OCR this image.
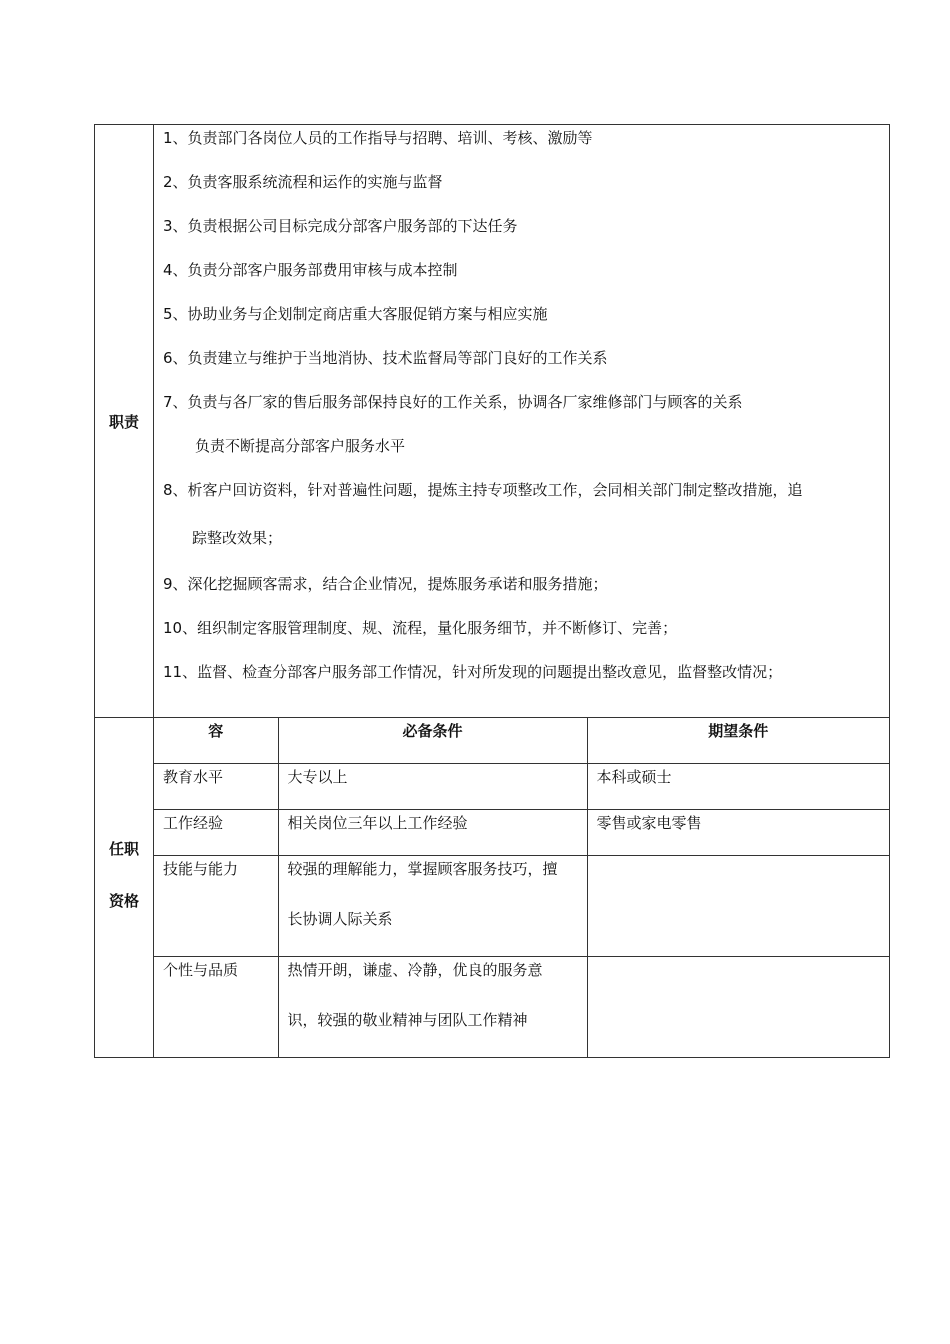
职责	
1、负责部门各岗位人员的工作指导与招聘、培训、考核、激励等
2、负责客服系统流程和运作的实施与监督
3、负责根据公司目标完成分部客户服务部的下达任务
4、负责分部客户服务部费用审核与成本控制
5、协助业务与企划制定商店重大客服促销方案与相应实施
6、负责建立与维护于当地消协、技术监督局等部门良好的工作关系
7、负责与各厂家的售后服务部保持良好的工作关系，协调各厂家维修部门与顾客的关系
负责不断提高分部客户服务水平
8、析客户回访资料，针对普遍性问题，提炼主持专项整改工作，会同相关部门制定整改措施，追
踪整改效果；
9、深化挖掘顾客需求，结合企业情况，提炼服务承诺和服务措施；
10、组织制定客服管理制度、规、流程，量化服务细节，并不断修订、完善；
11、监督、检查分部客户服务部工作情况，针对所发现的问题提出整改意见，监督整改情况；

任职
资格

容	必备条件	期望条件
教育水平	大专以上	本科或硕士
工作经验	相关岗位三年以上工作经验	零售或家电零售
技能与能力	较强的理解能力，掌握顾客服务技巧，擅
长协调人际关系

个性与品质	热情开朗，谦虚、冷静，优良的服务意
识，较强的敬业精神与团队工作精神
